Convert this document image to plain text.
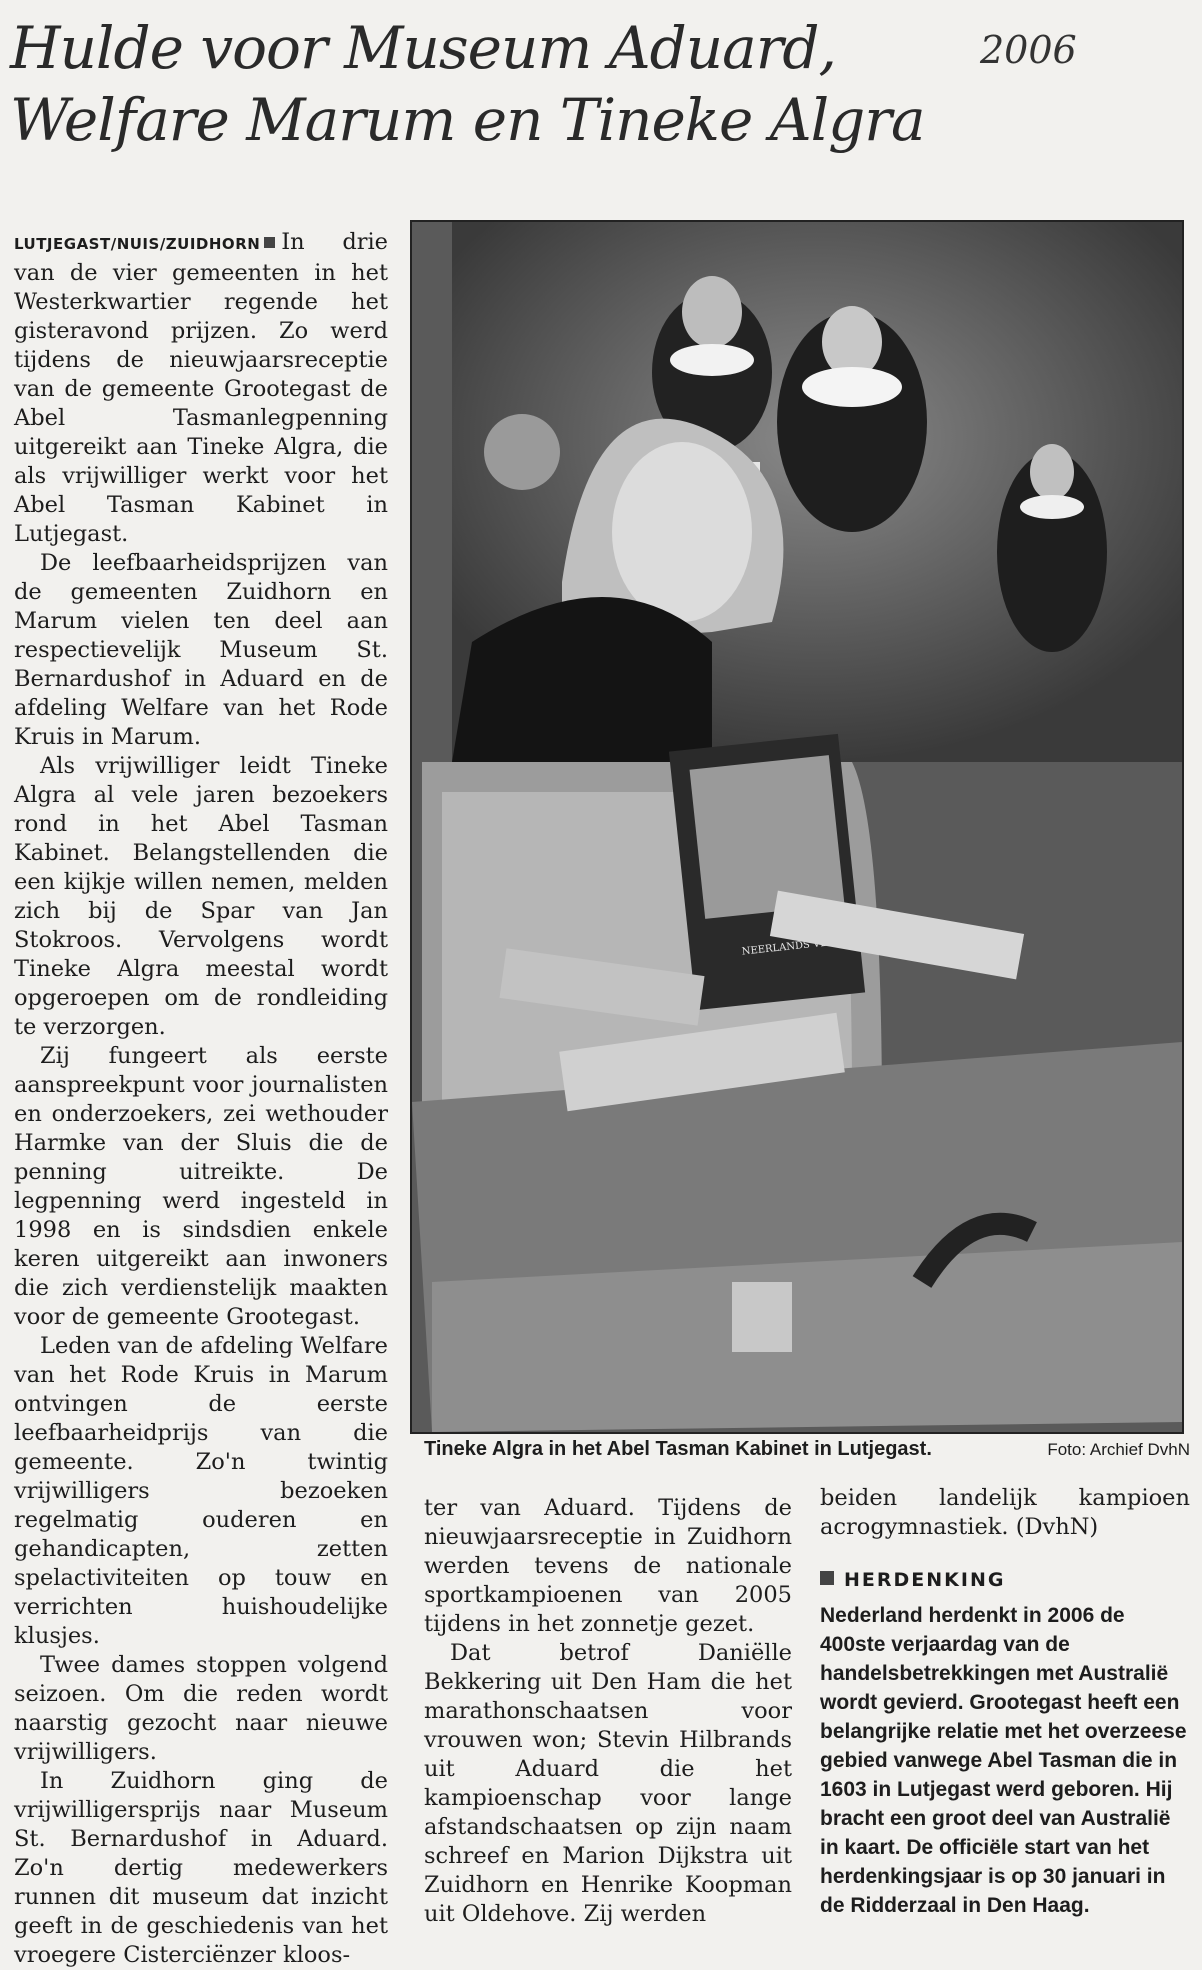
Hulde voor Museum Aduard, Welfare Marum en Tineke Algra
2006

LUTJEGAST/NUIS/ZUIDHORN In drie van de vier gemeenten in het Westerkwartier regende het gisteravond prijzen. Zo werd tijdens de nieuwjaarsreceptie van de gemeente Grootegast de Abel Tasmanlegpenning uitgereikt aan Tineke Algra, die als vrijwilliger werkt voor het Abel Tasman Kabinet in Lutjegast.

De leefbaarheidsprijzen van de gemeenten Zuidhorn en Marum vielen ten deel aan respectievelijk Museum St. Bernardushof in Aduard en de afdeling Welfare van het Rode Kruis in Marum.

Als vrijwilliger leidt Tineke Algra al vele jaren bezoekers rond in het Abel Tasman Kabinet. Belangstellenden die een kijkje willen nemen, melden zich bij de Spar van Jan Stokroos. Vervolgens wordt Tineke Algra meestal wordt opgeroepen om de rondleiding te verzorgen.

Zij fungeert als eerste aanspreekpunt voor journalisten en onderzoekers, zei wethouder Harmke van der Sluis die de penning uitreikte. De legpenning werd ingesteld in 1998 en is sindsdien enkele keren uitgereikt aan inwoners die zich verdienstelijk maakten voor de gemeente Grootegast.

Leden van de afdeling Welfare van het Rode Kruis in Marum ontvingen de eerste leefbaarheidprijs van die gemeente. Zo'n twintig vrijwilligers bezoeken regelmatig ouderen en gehandicapten, zetten spelactiviteiten op touw en verrichten huishoudelijke klusjes.

Twee dames stoppen volgend seizoen. Om die reden wordt naarstig gezocht naar nieuwe vrijwilligers.

In Zuidhorn ging de vrijwilligersprijs naar Museum St. Bernardushof in Aduard. Zo'n dertig medewerkers runnen dit museum dat inzicht geeft in de geschiedenis van het vroegere Cisterciënzer kloos-

NEERLANDS
Tineke Algra in het Abel Tasman Kabinet in Lutjegast.	Foto: Archief DvhN

ter van Aduard. Tijdens de nieuwjaarsreceptie in Zuidhorn werden tevens de nationale sportkampioenen van 2005 tijdens in het zonnetje gezet.

Dat betrof Daniëlle Bekkering uit Den Ham die het marathonschaatsen voor vrouwen won; Stevin Hilbrands uit Aduard die het kampioenschap voor lange afstandschaatsen op zijn naam schreef en Marion Dijkstra uit Zuidhorn en Henrike Koopman uit Oldehove. Zij werden

beiden landelijk kampioen acrogymnastiek. (DvhN)

HERDENKING
Nederland herdenkt in 2006 de 400ste verjaardag van de handelsbetrekkingen met Australië wordt gevierd. Grootegast heeft een belangrijke relatie met het overzeese gebied vanwege Abel Tasman die in 1603 in Lutjegast werd geboren. Hij bracht een groot deel van Australië in kaart. De officiële start van het herdenkingsjaar is op 30 januari in de Ridderzaal in Den Haag.
